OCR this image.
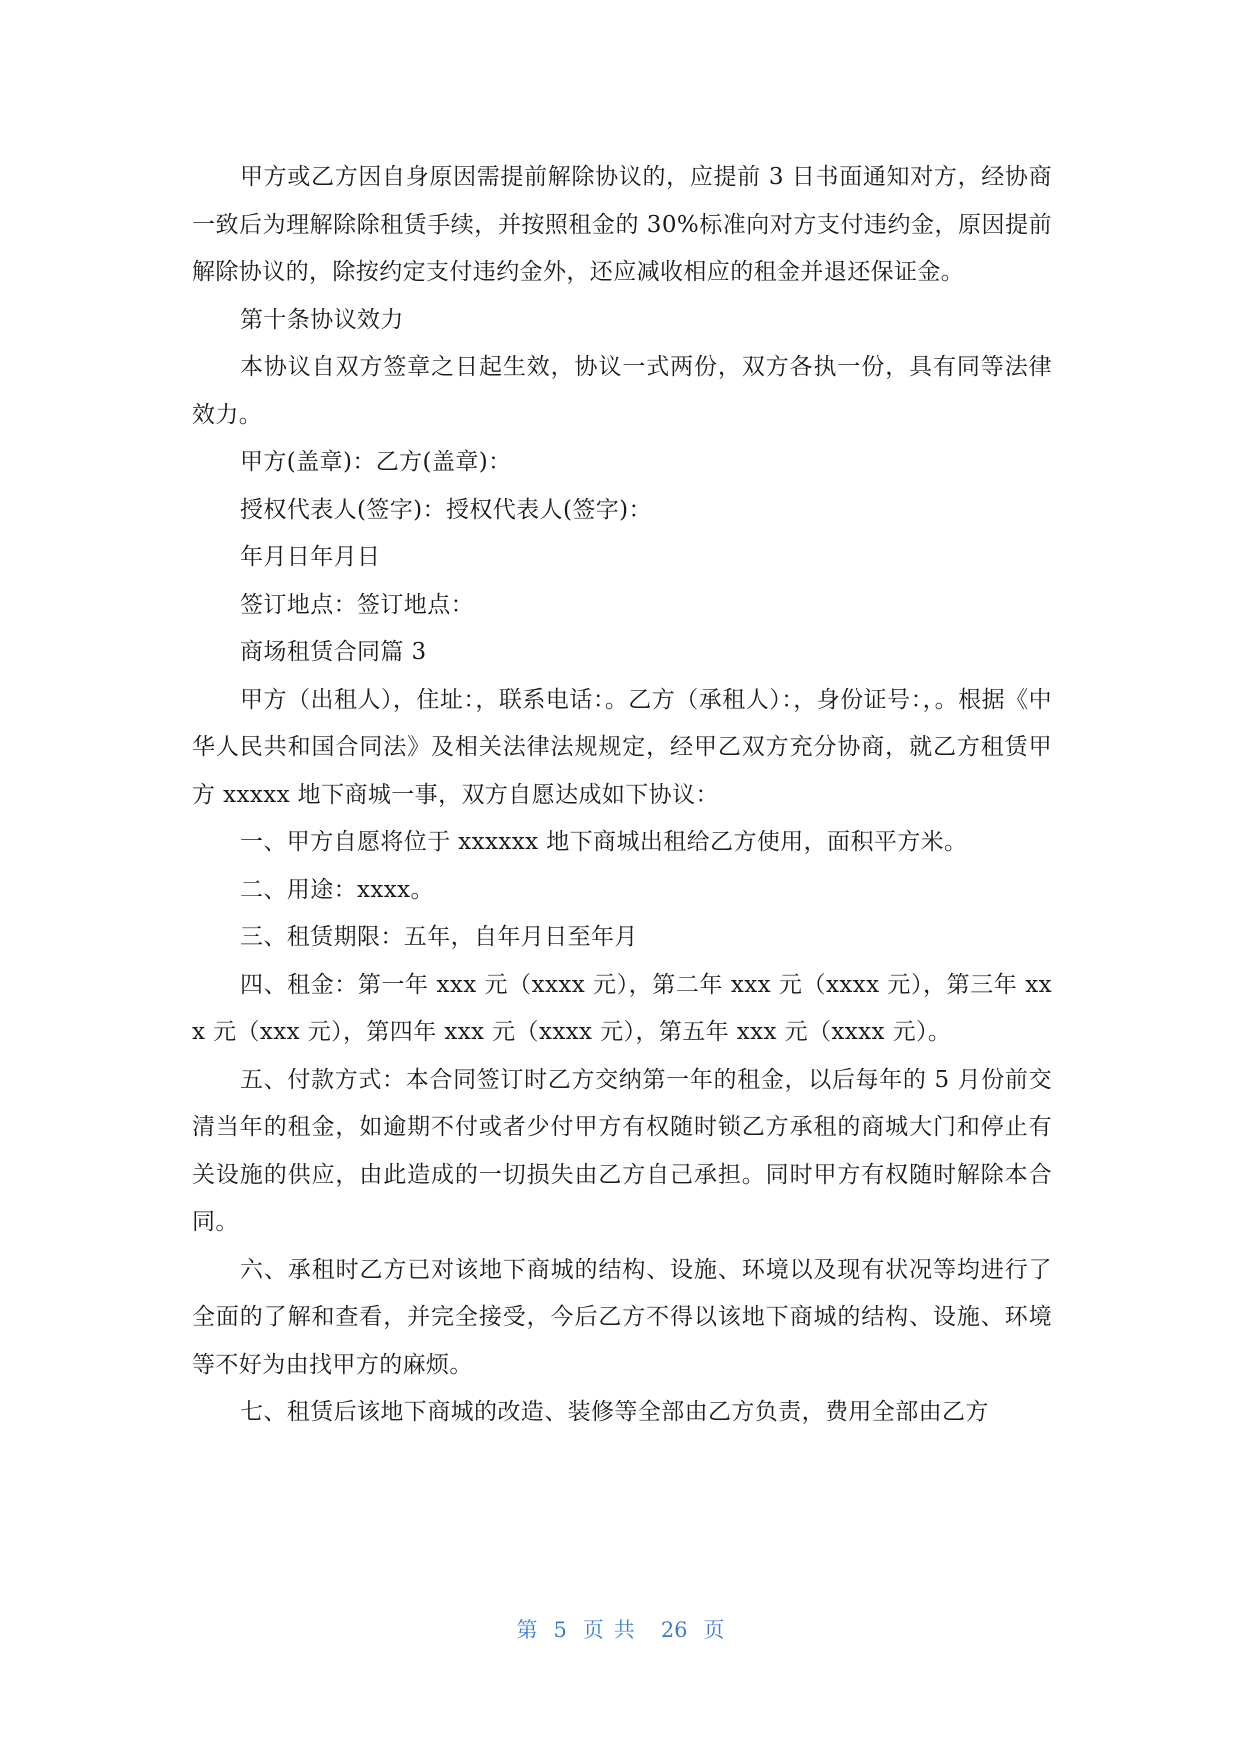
甲方或乙方因自身原因需提前解除协议的，应提前 3 日书面通知对方，经协商一致后为理解除除租赁手续，并按照租金的 30%标准向对方支付违约金，原因提前解除协议的，除按约定支付违约金外，还应减收相应的租金并退还保证金。

第十条协议效力

本协议自双方签章之日起生效，协议一式两份，双方各执一份，具有同等法律效力。

甲方(盖章)：乙方(盖章)：

授权代表人(签字)：授权代表人(签字)：

年月日年月日

签订地点：签订地点：

商场租赁合同篇 3

甲方（出租人），住址：，联系电话：。乙方（承租人）：，身份证号：，。根据《中华人民共和国合同法》及相关法律法规规定，经甲乙双方充分协商，就乙方租赁甲方 xxxxx 地下商城一事，双方自愿达成如下协议：

一、甲方自愿将位于 xxxxxx 地下商城出租给乙方使用，面积平方米。

二、用途：xxxx。

三、租赁期限：五年，自年月日至年月

四、租金：第一年 xxx 元（xxxx 元），第二年 xxx 元（xxxx 元），第三年 xxx 元（xxx 元），第四年 xxx 元（xxxx 元），第五年 xxx 元（xxxx 元）。

五、付款方式：本合同签订时乙方交纳第一年的租金，以后每年的 5 月份前交清当年的租金，如逾期不付或者少付甲方有权随时锁乙方承租的商城大门和停止有关设施的供应，由此造成的一切损失由乙方自己承担。同时甲方有权随时解除本合同。

六、承租时乙方已对该地下商城的结构、设施、环境以及现有状况等均进行了全面的了解和查看，并完全接受，今后乙方不得以该地下商城的结构、设施、环境等不好为由找甲方的麻烦。

七、租赁后该地下商城的改造、装修等全部由乙方负责，费用全部由乙方

第 5 页共 26 页
